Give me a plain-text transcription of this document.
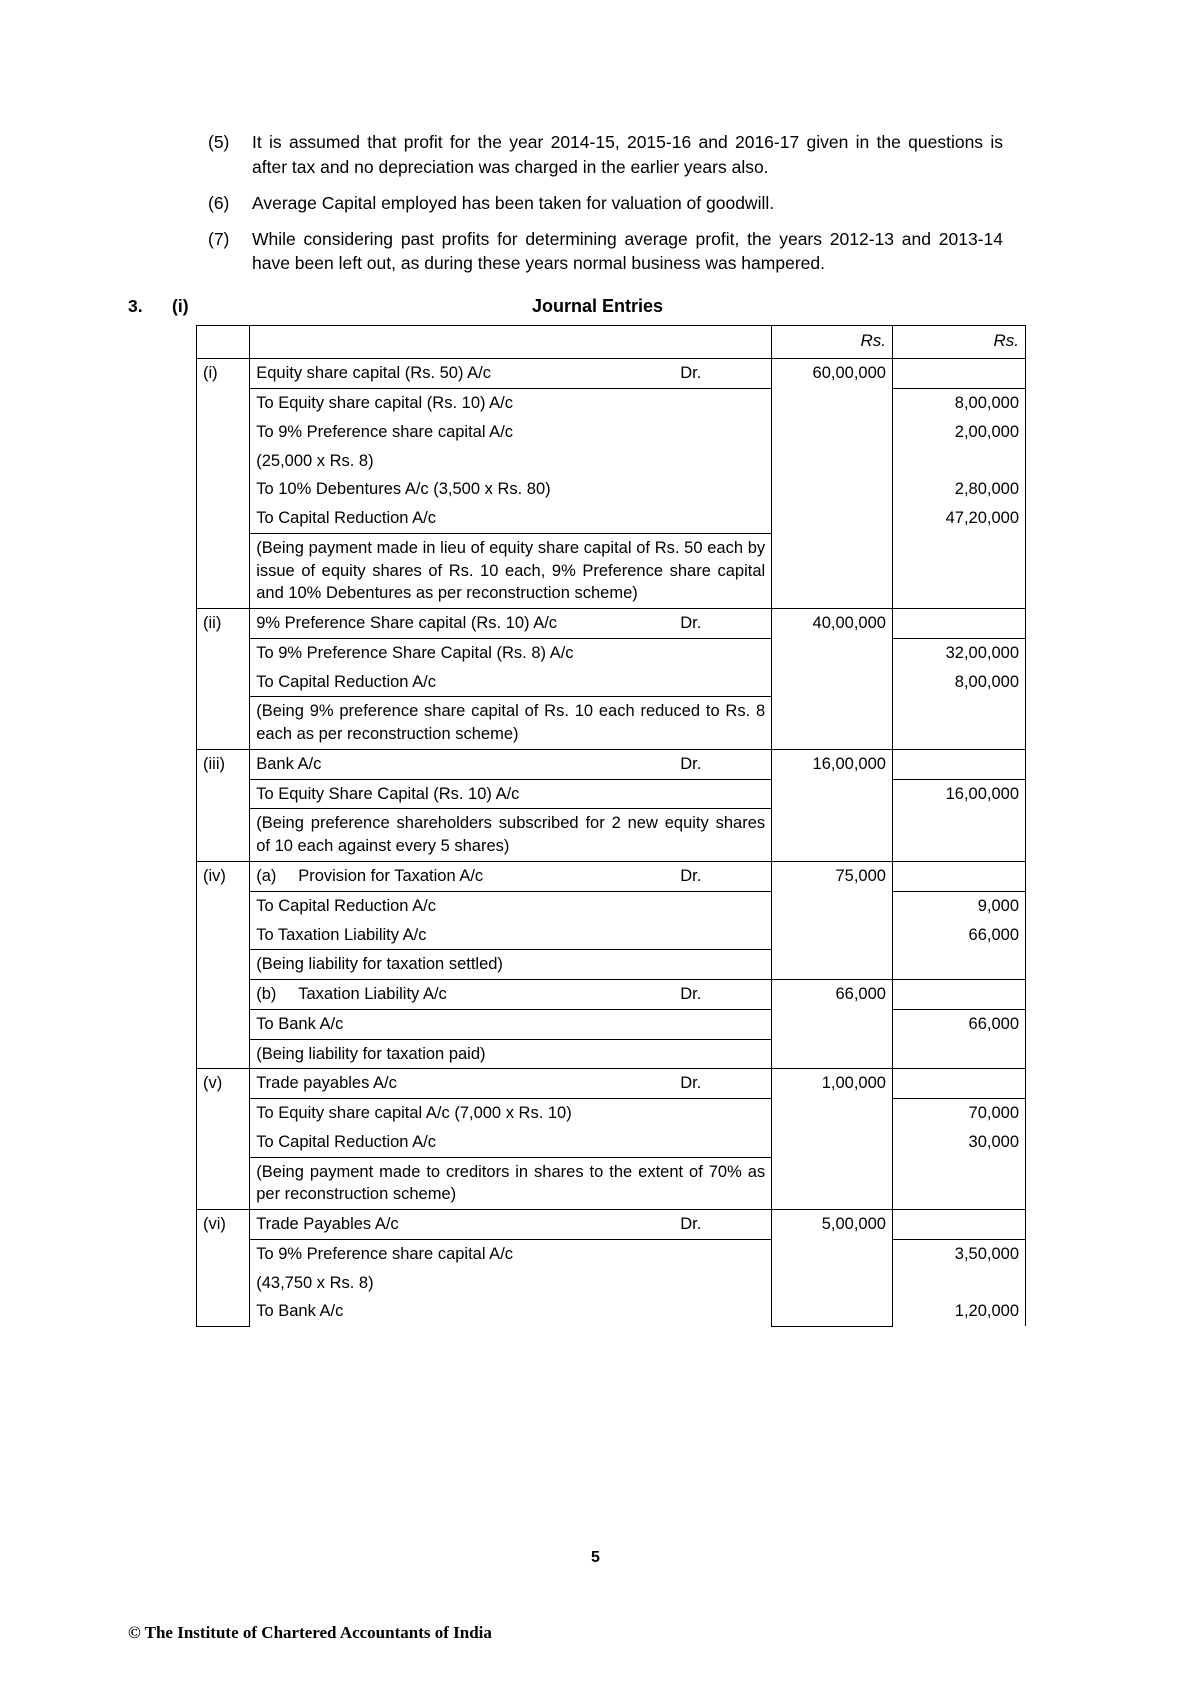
(5)	It is assumed that profit for the year 2014-15, 2015-16 and 2016-17 given in the questions is after tax and no depreciation was charged in the earlier years also.
(6)	Average Capital employed has been taken for valuation of goodwill.
(7)	While considering past profits for determining average profit, the years 2012-13 and 2013-14 have been left out, as during these years normal business was hampered.
3.	(i)	Journal Entries
		Rs.	Rs.
(i)	Equity share capital (Rs. 50) A/c Dr.	60,00,000	
	To Equity share capital (Rs. 10) A/c		8,00,000
	To 9% Preference share capital A/c		2,00,000
	(25,000 x Rs. 8)		
	To 10% Debentures A/c (3,500 x Rs. 80)		2,80,000
	To Capital Reduction A/c		47,20,000
	(Being payment made in lieu of equity share capital of Rs. 50 each by issue of equity shares of Rs. 10 each, 9% Preference share capital and 10% Debentures as per reconstruction scheme)		
(ii)	9% Preference Share capital (Rs. 10) A/c Dr.	40,00,000	
	To 9% Preference Share Capital (Rs. 8) A/c		32,00,000
	To Capital Reduction A/c		8,00,000
	(Being 9% preference share capital of Rs. 10 each reduced to Rs. 8 each as per reconstruction scheme)		
(iii)	Bank A/c Dr.	16,00,000	
	To Equity Share Capital (Rs. 10) A/c		16,00,000
	(Being preference shareholders subscribed for 2 new equity shares of 10 each against every 5 shares)		
(iv)	(a) Provision for Taxation A/c Dr.	75,000	
	To Capital Reduction A/c		9,000
	To Taxation Liability A/c		66,000
	(Being liability for taxation settled)		
	(b) Taxation Liability A/c Dr.	66,000	
	To Bank A/c		66,000
	(Being liability for taxation paid)		
(v)	Trade payables A/c Dr.	1,00,000	
	To Equity share capital A/c (7,000 x Rs. 10)		70,000
	To Capital Reduction A/c		30,000
	(Being payment made to creditors in shares to the extent of 70% as per reconstruction scheme)		
(vi)	Trade Payables A/c Dr.	5,00,000	
	To 9% Preference share capital A/c		3,50,000
	(43,750 x Rs. 8)		
	To Bank A/c		1,20,000
5
© The Institute of Chartered Accountants of India
